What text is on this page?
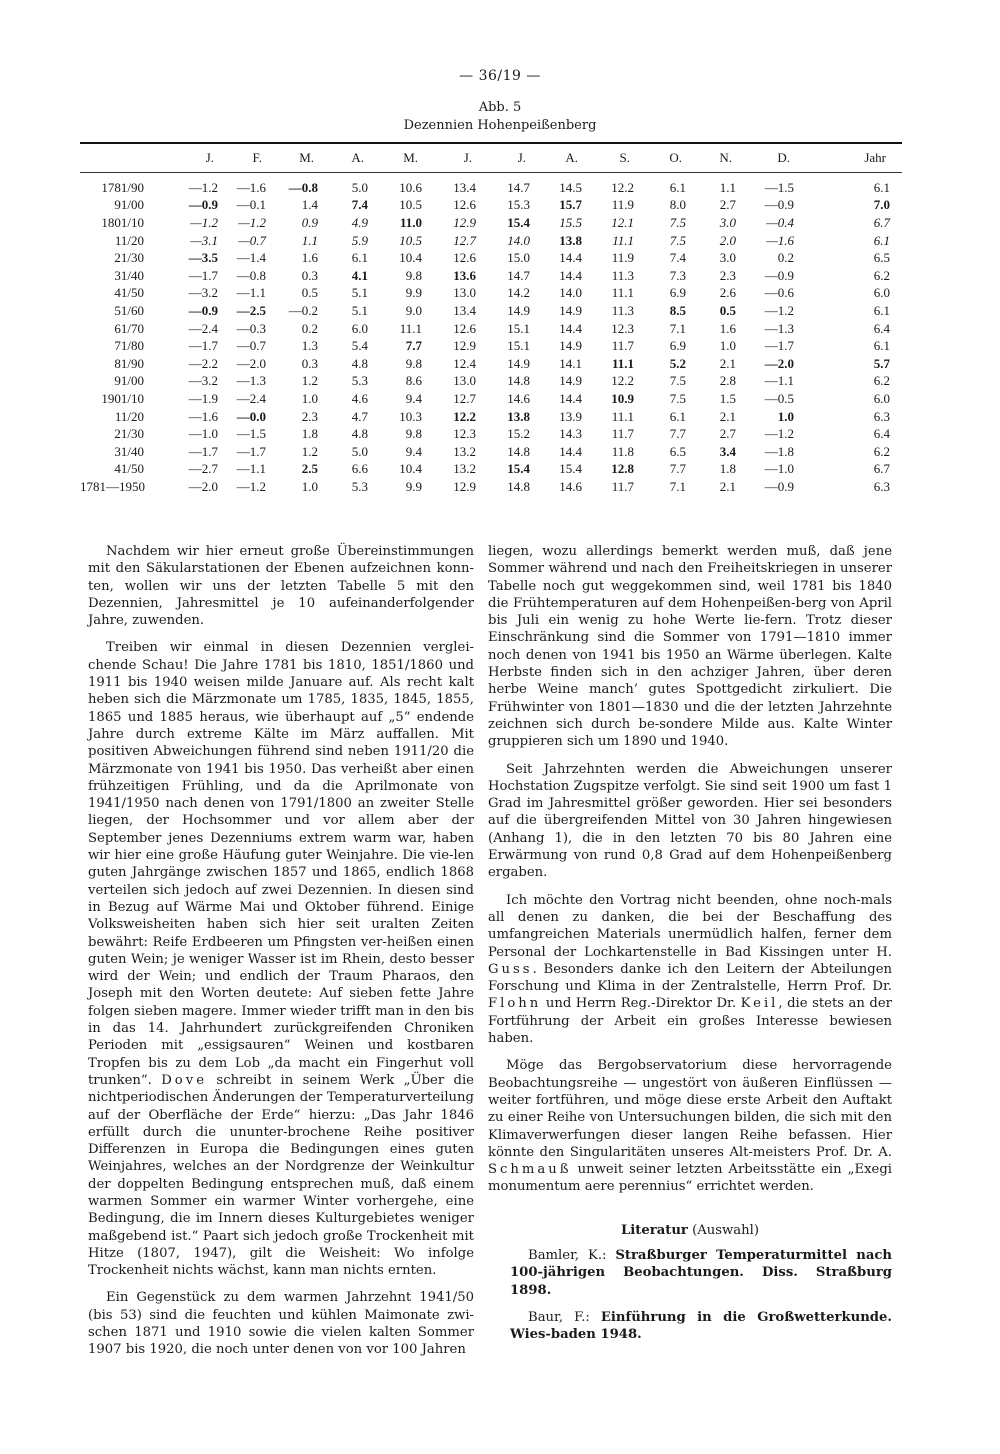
— 36/19 —
Abb. 5
Dezennien Hohenpeißenberg
	J.	F.	M.	A.	M.	J.	J.	A.	S.	O.	N.	D.	Jahr

1781/90	—1.2	—1.6	—0.8	5.0	10.6	13.4	14.7	14.5	12.2	6.1	1.1	—1.5	6.1
91/00	—0.9	—0.1	1.4	7.4	10.5	12.6	15.3	15.7	11.9	8.0	2.7	—0.9	7.0
1801/10	—1.2	—1.2	0.9	4.9	11.0	12.9	15.4	15.5	12.1	7.5	3.0	—0.4	6.7
11/20	—3.1	—0.7	1.1	5.9	10.5	12.7	14.0	13.8	11.1	7.5	2.0	—1.6	6.1
21/30	—3.5	—1.4	1.6	6.1	10.4	12.6	15.0	14.4	11.9	7.4	3.0	0.2	6.5
31/40	—1.7	—0.8	0.3	4.1	9.8	13.6	14.7	14.4	11.3	7.3	2.3	—0.9	6.2
41/50	—3.2	—1.1	0.5	5.1	9.9	13.0	14.2	14.0	11.1	6.9	2.6	—0.6	6.0
51/60	—0.9	—2.5	—0.2	5.1	9.0	13.4	14.9	14.9	11.3	8.5	0.5	—1.2	6.1
61/70	—2.4	—0.3	0.2	6.0	11.1	12.6	15.1	14.4	12.3	7.1	1.6	—1.3	6.4
71/80	—1.7	—0.7	1.3	5.4	7.7	12.9	15.1	14.9	11.7	6.9	1.0	—1.7	6.1
81/90	—2.2	—2.0	0.3	4.8	9.8	12.4	14.9	14.1	11.1	5.2	2.1	—2.0	5.7
91/00	—3.2	—1.3	1.2	5.3	8.6	13.0	14.8	14.9	12.2	7.5	2.8	—1.1	6.2
1901/10	—1.9	—2.4	1.0	4.6	9.4	12.7	14.6	14.4	10.9	7.5	1.5	—0.5	6.0
11/20	—1.6	—0.0	2.3	4.7	10.3	12.2	13.8	13.9	11.1	6.1	2.1	1.0	6.3
21/30	—1.0	—1.5	1.8	4.8	9.8	12.3	15.2	14.3	11.7	7.7	2.7	—1.2	6.4
31/40	—1.7	—1.7	1.2	5.0	9.4	13.2	14.8	14.4	11.8	6.5	3.4	—1.8	6.2
41/50	—2.7	—1.1	2.5	6.6	10.4	13.2	15.4	15.4	12.8	7.7	1.8	—1.0	6.7
1781—1950	—2.0	—1.2	1.0	5.3	9.9	12.9	14.8	14.6	11.7	7.1	2.1	—0.9	6.3

Nachdem wir hier erneut große Übereinstimmungen mit den Säkularstationen der Ebenen aufzeichnen konn-ten, wollen wir uns der letzten Tabelle 5 mit den Dezennien, Jahresmittel je 10 aufeinanderfolgender Jahre, zuwenden.

Treiben wir einmal in diesen Dezennien verglei-chende Schau! Die Jahre 1781 bis 1810, 1851/1860 und 1911 bis 1940 weisen milde Januare auf. Als recht kalt heben sich die Märzmonate um 1785, 1835, 1845, 1855, 1865 und 1885 heraus, wie überhaupt auf „5“ endende Jahre durch extreme Kälte im März auffallen. Mit positiven Abweichungen führend sind neben 1911/20 die Märzmonate von 1941 bis 1950. Das verheißt aber einen frühzeitigen Frühling, und da die Aprilmonate von 1941/1950 nach denen von 1791/1800 an zweiter Stelle liegen, der Hochsommer und vor allem aber der September jenes Dezenniums extrem warm war, haben wir hier eine große Häufung guter Weinjahre. Die vie-len guten Jahrgänge zwischen 1857 und 1865, endlich 1868 verteilen sich jedoch auf zwei Dezennien. In diesen sind in Bezug auf Wärme Mai und Oktober führend. Einige Volksweisheiten haben sich hier seit uralten Zeiten bewährt: Reife Erdbeeren um Pfingsten ver-heißen einen guten Wein; je weniger Wasser ist im Rhein, desto besser wird der Wein; und endlich der Traum Pharaos, den Joseph mit den Worten deutete: Auf sieben fette Jahre folgen sieben magere. Immer wieder trifft man in den bis in das 14. Jahrhundert zurückgreifenden Chroniken Perioden mit „essigsauren“ Weinen und kostbaren Tropfen bis zu dem Lob „da macht ein Fingerhut voll trunken“. Dove schreibt in seinem Werk „Über die nichtperiodischen Änderungen der Temperaturverteilung auf der Oberfläche der Erde“ hierzu: „Das Jahr 1846 erfüllt durch die ununter-brochene Reihe positiver Differenzen in Europa die Bedingungen eines guten Weinjahres, welches an der Nordgrenze der Weinkultur der doppelten Bedingung entsprechen muß, daß einem warmen Sommer ein warmer Winter vorhergehe, eine Bedingung, die im Innern dieses Kulturgebietes weniger maßgebend ist.“ Paart sich jedoch große Trockenheit mit Hitze (1807, 1947), gilt die Weisheit: Wo infolge Trockenheit nichts wächst, kann man nichts ernten.

Ein Gegenstück zu dem warmen Jahrzehnt 1941/50 (bis 53) sind die feuchten und kühlen Maimonate zwi-schen 1871 und 1910 sowie die vielen kalten Sommer 1907 bis 1920, die noch unter denen von vor 100 Jahren

liegen, wozu allerdings bemerkt werden muß, daß jene Sommer während und nach den Freiheitskriegen in unserer Tabelle noch gut weggekommen sind, weil 1781 bis 1840 die Frühtemperaturen auf dem Hohenpeißen-berg von April bis Juli ein wenig zu hohe Werte lie-fern. Trotz dieser Einschränkung sind die Sommer von 1791—1810 immer noch denen von 1941 bis 1950 an Wärme überlegen. Kalte Herbste finden sich in den achziger Jahren, über deren herbe Weine manch’ gutes Spottgedicht zirkuliert. Die Frühwinter von 1801—1830 und die der letzten Jahrzehnte zeichnen sich durch be-sondere Milde aus. Kalte Winter gruppieren sich um 1890 und 1940.

Seit Jahrzehnten werden die Abweichungen unserer Hochstation Zugspitze verfolgt. Sie sind seit 1900 um fast 1 Grad im Jahresmittel größer geworden. Hier sei besonders auf die übergreifenden Mittel von 30 Jahren hingewiesen (Anhang 1), die in den letzten 70 bis 80 Jahren eine Erwärmung von rund 0,8 Grad auf dem Hohenpeißenberg ergaben.

Ich möchte den Vortrag nicht beenden, ohne noch-mals all denen zu danken, die bei der Beschaffung des umfangreichen Materials unermüdlich halfen, ferner dem Personal der Lochkartenstelle in Bad Kissingen unter H. Guss. Besonders danke ich den Leitern der Abteilungen Forschung und Klima in der Zentralstelle, Herrn Prof. Dr. Flohn und Herrn Reg.-Direktor Dr. Keil, die stets an der Fortführung der Arbeit ein großes Interesse bewiesen haben.

Möge das Bergobservatorium diese hervorragende Beobachtungsreihe — ungestört von äußeren Einflüssen — weiter fortführen, und möge diese erste Arbeit den Auftakt zu einer Reihe von Untersuchungen bilden, die sich mit den Klimaverwerfungen dieser langen Reihe befassen. Hier könnte den Singularitäten unseres Alt-meisters Prof. Dr. A. Schmauß unweit seiner letzten Arbeitsstätte ein „Exegi monumentum aere perennius“ errichtet werden.

Literatur (Auswahl)

Bamler, K.: Straßburger Temperaturmittel nach 100-jährigen Beobachtungen. Diss. Straßburg 1898.

Baur, F.: Einführung in die Großwetterkunde. Wies-baden 1948.
